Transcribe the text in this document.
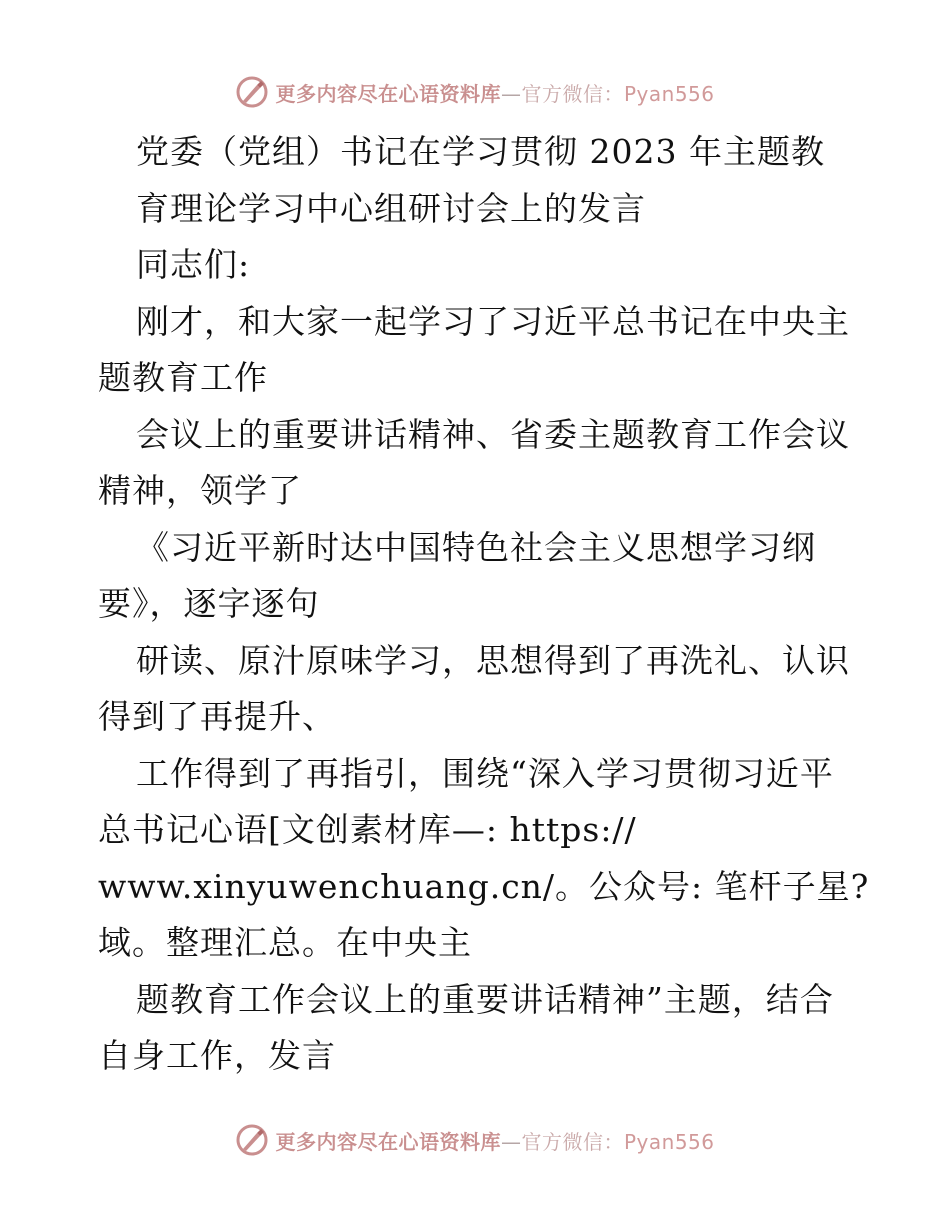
更多内容尽在心语资料库—官方微信：Pyan556
党委（党组）书记在学习贯彻 2023 年主题教
育理论学习中心组研讨会上的发言
同志们:
刚才，和大家一起学习了习近平总书记在中央主
题教育工作
会议上的重要讲话精神、省委主题教育工作会议
精神，领学了
《习近平新时达中国特色社会主义思想学习纲
要》，逐字逐句
研读、原汁原味学习，思想得到了再洗礼、认识
得到了再提升、
工作得到了再指引，围绕“深入学习贯彻习近平
总书记心语[文创素材库—: https://
www.xinyuwenchuang.cn/。公众号: 笔杆子星?
域。整理汇总。在中央主
题教育工作会议上的重要讲话精神”主题，结合
自身工作，发言
更多内容尽在心语资料库—官方微信：Pyan556
